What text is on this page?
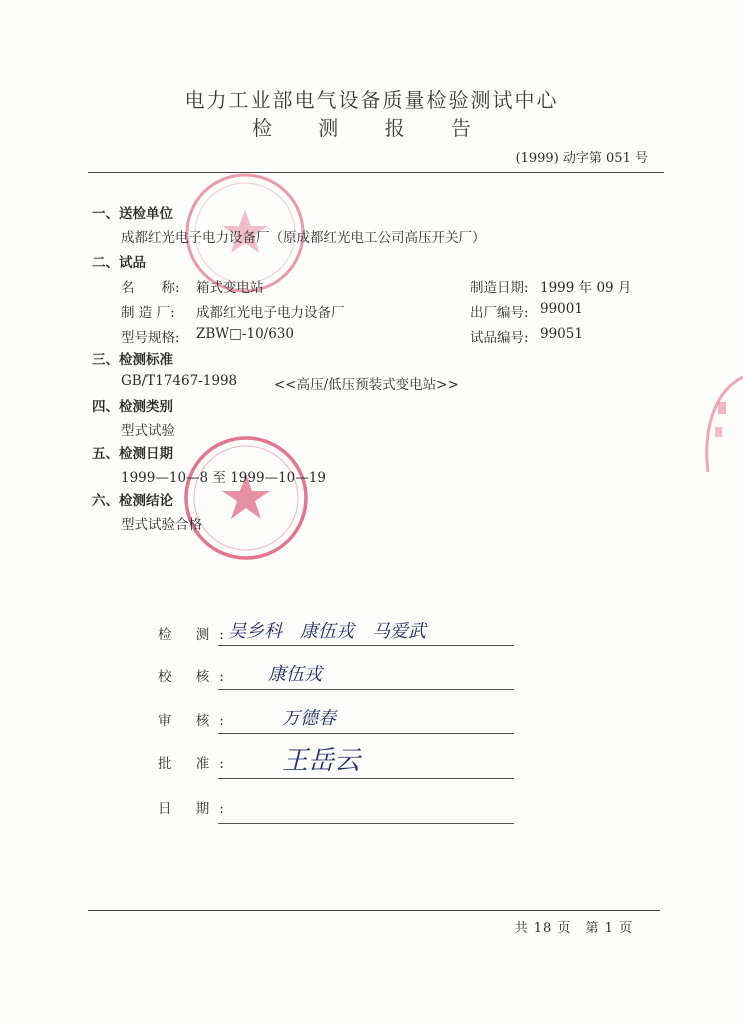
电力工业部电气设备质量检验测试中心
检 测 报 告
(1999) 动字第 051 号
一、送检单位
成都红光电子电力设备厂（原成都红光电工公司高压开关厂）
二、试品
名　　称: 箱式变电站	制造日期: 1999 年 09 月
制 造 厂: 成都红光电子电力设备厂	出厂编号: 99001
型号规格: ZBW□-10/630	试品编号: 99051
三、检测标准
GB/T17467-1998	<<高压/低压预装式变电站>>
四、检测类别
型式试验
五、检测日期
1999—10—8 至 1999—10—19
六、检测结论
型式试验合格
检 测:
吴乡科　康伍戎　马爱武
校 核: 康伍戎
审 核:	万德春
批 准: 王岳云
日 期:
共 18 页　第 1 页
